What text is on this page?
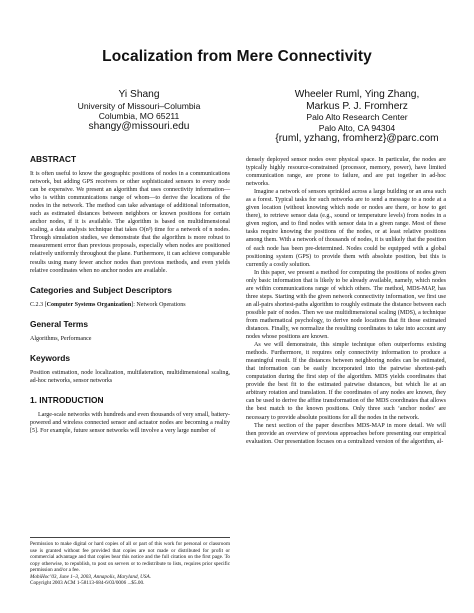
Localization from Mere Connectivity
Yi Shang
University of Missouri–Columbia
Columbia, MO 65211
shangy@missouri.edu
Wheeler Ruml, Ying Zhang,
Markus P. J. Fromherz
Palo Alto Research Center
Palo Alto, CA 94304
{ruml, yzhang, fromherz}@parc.com
ABSTRACT

It is often useful to know the geographic positions of nodes in a communications network, but adding GPS receivers or other sophisticated sensors to every node can be expensive. We present an algorithm that uses connectivity information—who is within communications range of whom—to derive the locations of the nodes in the network. The method can take advantage of additional information, such as estimated distances between neighbors or known positions for certain anchor nodes, if it is available. The algorithm is based on multidimensional scaling, a data analysis technique that takes O(n³) time for a network of n nodes. Through simulation studies, we demonstrate that the algorithm is more robust to measurement error than previous proposals, especially when nodes are positioned relatively uniformly throughout the plane. Furthermore, it can achieve comparable results using many fewer anchor nodes than previous methods, and even yields relative coordinates when no anchor nodes are available.

Categories and Subject Descriptors

C.2.3 [Computer Systems Organization]: Network Operations

General Terms

Algorithms, Performance

Keywords

Position estimation, node localization, multilateration, multidimensional scaling, ad-hoc networks, sensor networks

1. INTRODUCTION

Large-scale networks with hundreds and even thousands of very small, battery-powered and wireless connected sensor and actuator nodes are becoming a reality [5]. For example, future sensor networks will involve a very large number of

Permission to make digital or hard copies of all or part of this work for personal or classroom use is granted without fee provided that copies are not made or distributed for profit or commercial advantage and that copies bear this notice and the full citation on the first page. To copy otherwise, to republish, to post on servers or to redistribute to lists, requires prior specific permission and/or a fee.
MobiHoc’03, June 1–3, 2003, Annapolis, Maryland, USA.
Copyright 2003 ACM 1-58113-684-6/03/0006 ...$5.00.

densely deployed sensor nodes over physical space. In particular, the nodes are typically highly resource-constrained (processor, memory, power), have limited communication range, are prone to failure, and are put together in ad-hoc networks.

Imagine a network of sensors sprinkled across a large building or an area such as a forest. Typical tasks for such networks are to send a message to a node at a given location (without knowing which node or nodes are there, or how to get there), to retrieve sensor data (e.g., sound or temperature levels) from nodes in a given region, and to find nodes with sensor data in a given range. Most of these tasks require knowing the positions of the nodes, or at least relative positions among them. With a network of thousands of nodes, it is unlikely that the position of each node has been pre-determined. Nodes could be equipped with a global positioning system (GPS) to provide them with absolute position, but this is currently a costly solution.

In this paper, we present a method for computing the positions of nodes given only basic information that is likely to be already available, namely, which nodes are within communications range of which others. The method, MDS-MAP, has three steps. Starting with the given network connectivity information, we first use an all-pairs shortest-paths algorithm to roughly estimate the distance between each possible pair of nodes. Then we use multidimensional scaling (MDS), a technique from mathematical psychology, to derive node locations that fit those estimated distances. Finally, we normalize the resulting coordinates to take into account any nodes whose positions are known.

As we will demonstrate, this simple technique often outperforms existing methods. Furthermore, it requires only connectivity information to produce a meaningful result. If the distances between neighboring nodes can be estimated, that information can be easily incorporated into the pairwise shortest-path computation during the first step of the algorithm. MDS yields coordinates that provide the best fit to the estimated pairwise distances, but which lie at an arbitrary rotation and translation. If the coordinates of any nodes are known, they can be used to derive the affine transformation of the MDS coordinates that allows the best match to the known positions. Only three such ‘anchor nodes’ are necessary to provide absolute positions for all the nodes in the network.

The next section of the paper describes MDS-MAP in more detail. We will then provide an overview of previous approaches before presenting our empirical evaluation. Our presentation focuses on a centralized version of the algorithm, al-
